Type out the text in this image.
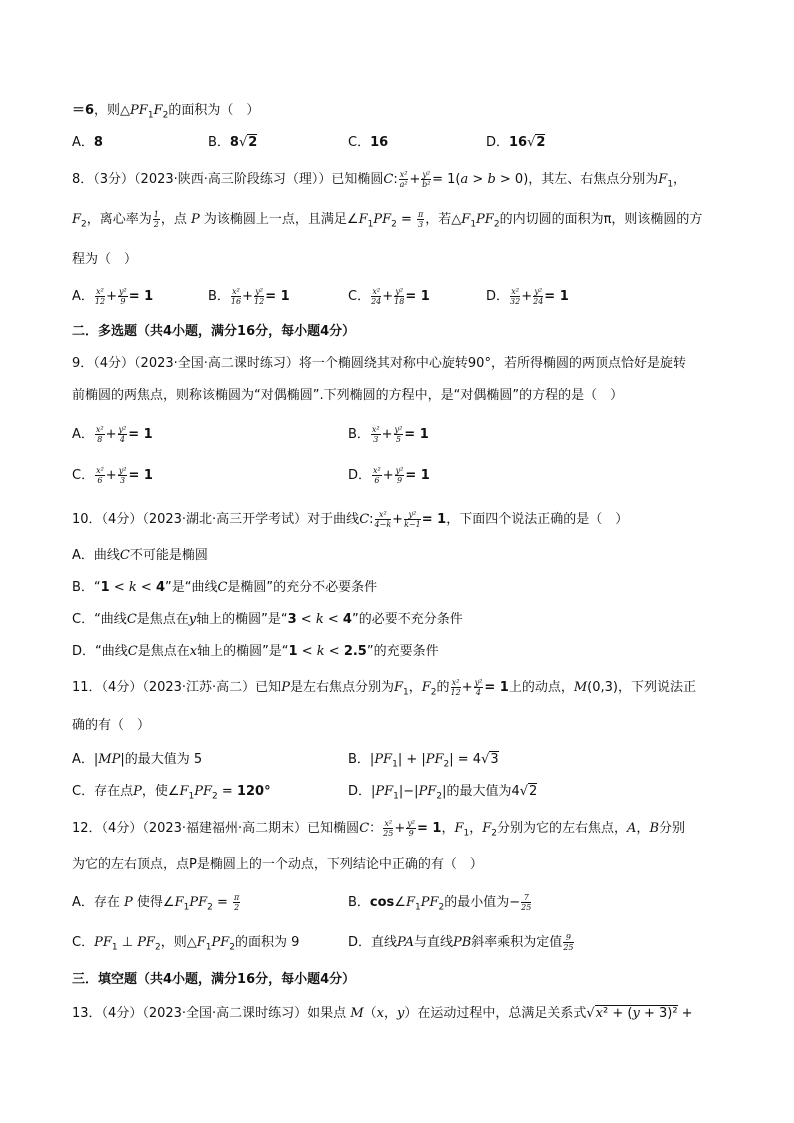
＝6，则$\triangle PF_1F_2$的面积为（　）
A．8	B．8√2	C．16	D．16√2
8．（3分）（2023·陕西·高三阶段练习（理））已知椭圆C: $\frac{\text{x²}}{\text{a²}} + \frac{\text{y²}}{\text{b²}} = 1(a > b > 0)$，其左、右焦点分别为$F_1$，
$F_2$，离心率为 $\frac{1}{2}$ ，点 P 为该椭圆上一点，且满足$\angle F_1PF_2 = \frac{\pi}{3}$ ，若$\triangle F_1PF_2$的内切圆的面积为π，则该椭圆的方
程为（　）
A． $\frac{\text{x²}}{12} + \frac{\text{y²}}{9} = 1$	B． $\frac{\text{x²}}{16} + \frac{\text{y²}}{12} = 1$	C． $\frac{\text{x²}}{24} + \frac{\text{y²}}{18} = 1$	D． $\frac{\text{x²}}{32} + \frac{\text{y²}}{24} = 1$
二．多选题（共4小题，满分16分，每小题4分）
9．（4分）（2023·全国·高二课时练习）将一个椭圆绕其对称中心旋转90°，若所得椭圆的两顶点恰好是旋转
前椭圆的两焦点，则称该椭圆为“对偶椭圆”.下列椭圆的方程中，是“对偶椭圆”的方程的是（　）
A． $\frac{\text{x²}}{8} + \frac{\text{y²}}{4} = 1$	B． $\frac{\text{x²}}{3} + \frac{\text{y²}}{5} = 1$
C． $\frac{\text{x²}}{6} + \frac{\text{y²}}{3} = 1$	D． $\frac{\text{x²}}{6} + \frac{\text{y²}}{9} = 1$
10．（4分）（2023·湖北·高三开学考试）对于曲线C: $\frac{\text{x²}}{4-k} + \frac{\text{y²}}{k-1} = 1$，下面四个说法正确的是（　）
A．曲线C不可能是椭圆
B．“1 < k < 4”是“曲线C是椭圆”的充分不必要条件
C．“曲线C是焦点在y轴上的椭圆”是“3 < k < 4”的必要不充分条件
D．“曲线C是焦点在x轴上的椭圆”是“1 < k < 2.5”的充要条件
11．（4分）（2023·江苏·高二）已知P是左右焦点分别为$F_1$，$F_2$的 $\frac{\text{x²}}{12} + \frac{\text{y²}}{4} = 1$上的动点，M(0,3)，下列说法正
确的有（　）
A．|MP|的最大值为 5	B．$|PF_1| + |PF_2| = 4√3$
C．存在点P，使$\angle F_1PF_2 = 120^\circ$	D．$|PF_1|-|PF_2|$的最大值为4√2
12．（4分）（2023·福建福州·高二期末）已知椭圆C： $\frac{\text{x²}}{25} + \frac{\text{y²}}{9} = 1$，$F_1$，$F_2$分别为它的左右焦点，A，B分别
为它的左右顶点，点P是椭圆上的一个动点，下列结论中正确的有（　）
A．存在 P 使得$\angle F_1PF_2 = \frac{\pi}{2}$	B．$\cos\angle F_1PF_2$的最小值为− $\frac{7}{25}$
C．$PF_1$ ⊥ $PF_2$，则$\triangle F_1PF_2$的面积为 9	D．直线PA与直线PB斜率乘积为定值 $\frac{9}{25}$
三．填空题（共4小题，满分16分，每小题4分）
13．（4分）（2023·全国·高二课时练习）如果点 M（x，y）在运动过程中，总满足关系式√x² + (y + 3)² +
